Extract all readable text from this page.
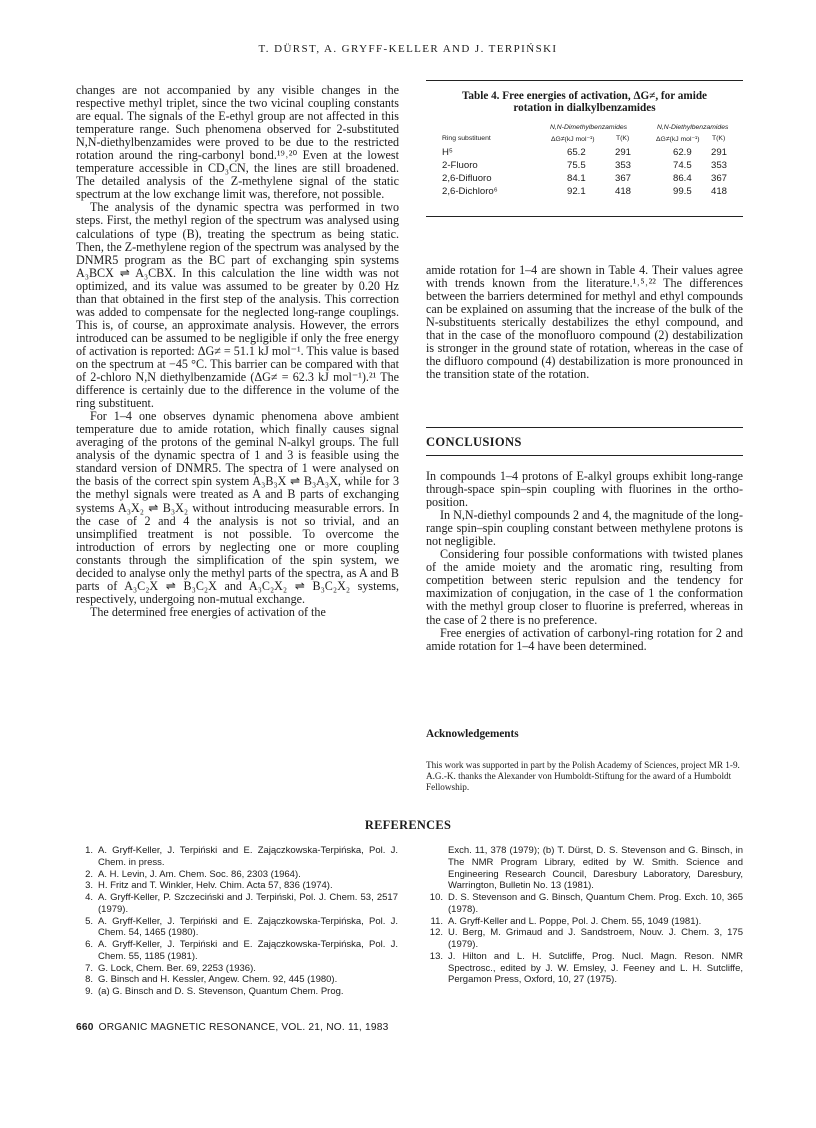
T. DÜRST, A. GRYFF-KELLER AND J. TERPIŃSKI

changes are not accompanied by any visible changes in the respective methyl triplet, since the two vicinal coupling constants are equal. The signals of the E-ethyl group are not affected in this temperature range. Such phenomena observed for 2-substituted N,N-diethylbenzamides were proved to be due to the restricted rotation around the ring-carbonyl bond.¹⁹˒²⁰ Even at the lowest temperature accessible in CD₃CN, the lines are still broadened. The detailed analysis of the Z-methylene signal of the static spectrum at the low exchange limit was, therefore, not possible.

The analysis of the dynamic spectra was performed in two steps. First, the methyl region of the spectrum was analysed using calculations of type (B), treating the spectrum as being static. Then, the Z-methylene region of the spectrum was analysed by the DNMR5 program as the BC part of exchanging spin systems A₃BCX ⇌ A₃CBX. In this calculation the line width was not optimized, and its value was assumed to be greater by 0.20 Hz than that obtained in the first step of the analysis. This correction was added to compensate for the neglected long-range couplings. This is, of course, an approximate analysis. However, the errors introduced can be assumed to be negligible if only the free energy of activation is reported: ΔG≠ = 51.1 kJ mol⁻¹. This value is based on the spectrum at −45 °C. This barrier can be compared with that of 2-chloro N,N diethylbenzamide (ΔG≠ = 62.3 kJ mol⁻¹).²¹ The difference is certainly due to the difference in the volume of the ring substituent.

For 1–4 one observes dynamic phenomena above ambient temperature due to amide rotation, which finally causes signal averaging of the protons of the geminal N-alkyl groups. The full analysis of the dynamic spectra of 1 and 3 is feasible using the standard version of DNMR5. The spectra of 1 were analysed on the basis of the correct spin system A₃B₃X ⇌ B₃A₃X, while for 3 the methyl signals were treated as A and B parts of exchanging systems A₃X₂ ⇌ B₃X₂ without introducing measurable errors. In the case of 2 and 4 the analysis is not so trivial, and an unsimplified treatment is not possible. To overcome the introduction of errors by neglecting one or more coupling constants through the simplification of the spin system, we decided to analyse only the methyl parts of the spectra, as A and B parts of A₃C₂X ⇌ B₃C₂X and A₃C₂X₂ ⇌ B₃C₂X₂ systems, respectively, undergoing non-mutual exchange.

The determined free energies of activation of the

Table 4. Free energies of activation, ΔG≠, for amide
rotation in dialkylbenzamides
N,N-Dimethylbenzamides	N,N-Diethylbenzamides
Ring substituent	ΔG≠(kJ mol⁻¹)	T(K)	ΔG≠(kJ mol⁻¹) T(K)
H⁵	65.2	291	62.9 291
2-Fluoro	75.5	353	74.5 353
2,6-Difluoro	84.1	367	86.4 367
2,6-Dichloro⁶	92.1	418	99.5 418

amide rotation for 1–4 are shown in Table 4. Their values agree with trends known from the literature.¹˒⁵˒²² The differences between the barriers determined for methyl and ethyl compounds can be explained on assuming that the increase of the bulk of the N-substituents sterically destabilizes the ethyl compound, and that in the case of the monofluoro compound (2) destabilization is stronger in the ground state of rotation, whereas in the case of the difluoro compound (4) destabilization is more pronounced in the transition state of the rotation.

CONCLUSIONS

In compounds 1–4 protons of E-alkyl groups exhibit long-range through-space spin–spin coupling with fluorines in the ortho-position.

In N,N-diethyl compounds 2 and 4, the magnitude of the long-range spin–spin coupling constant between methylene protons is not negligible.

Considering four possible conformations with twisted planes of the amide moiety and the aromatic ring, resulting from competition between steric repulsion and the tendency for maximization of conjugation, in the case of 1 the conformation with the methyl group closer to fluorine is preferred, whereas in the case of 2 there is no preference.

Free energies of activation of carbonyl-ring rotation for 2 and amide rotation for 1–4 have been determined.

Acknowledgements
This work was supported in part by the Polish Academy of Sciences, project MR 1-9. A.G.-K. thanks the Alexander von Humboldt-Stiftung for the award of a Humboldt Fellowship.
REFERENCES
1. A. Gryff-Keller, J. Terpiński and E. Zajączkowska-Terpińska, Pol. J. Chem. in press.
2. A. H. Levin, J. Am. Chem. Soc. 86, 2303 (1964).
3. H. Fritz and T. Winkler, Helv. Chim. Acta 57, 836 (1974).
4. A. Gryff-Keller, P. Szczeciński and J. Terpiński, Pol. J. Chem. 53, 2517 (1979).
5. A. Gryff-Keller, J. Terpiński and E. Zajączkowska-Terpińska, Pol. J. Chem. 54, 1465 (1980).
6. A. Gryff-Keller, J. Terpiński and E. Zajączkowska-Terpińska, Pol. J. Chem. 55, 1185 (1981).
7. G. Lock, Chem. Ber. 69, 2253 (1936).
8. G. Binsch and H. Kessler, Angew. Chem. 92, 445 (1980).
9. (a) G. Binsch and D. S. Stevenson, Quantum Chem. Prog.
Exch. 11, 378 (1979); (b) T. Dürst, D. S. Stevenson and G. Binsch, in The NMR Program Library, edited by W. Smith. Science and Engineering Research Council, Daresbury Laboratory, Daresbury, Warrington, Bulletin No. 13 (1981).
10. D. S. Stevenson and G. Binsch, Quantum Chem. Prog. Exch. 10, 365 (1978).
11. A. Gryff-Keller and L. Poppe, Pol. J. Chem. 55, 1049 (1981).
12. U. Berg, M. Grimaud and J. Sandstroem, Nouv. J. Chem. 3, 175 (1979).
13. J. Hilton and L. H. Sutcliffe, Prog. Nucl. Magn. Reson. NMR Spectrosc., edited by J. W. Emsley, J. Feeney and L. H. Sutcliffe, Pergamon Press, Oxford, 10, 27 (1975).
660 ORGANIC MAGNETIC RESONANCE, VOL. 21, NO. 11, 1983
